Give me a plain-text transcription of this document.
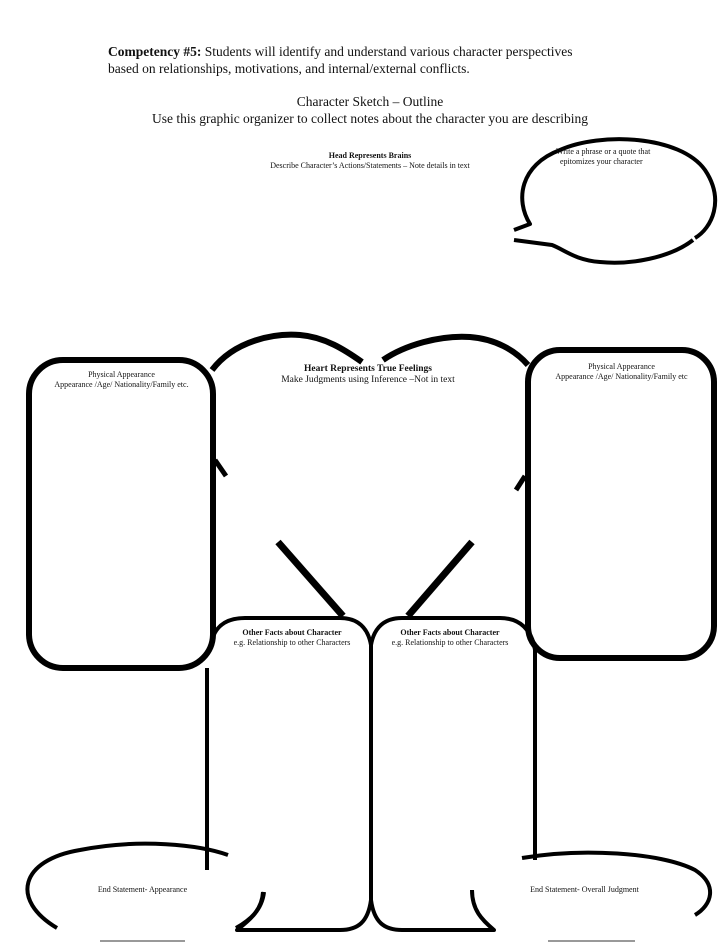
Competency #5: Students will identify and understand various character perspectives
based on relationships, motivations, and internal/external conflicts.
Character Sketch – Outline
Use this graphic organizer to collect notes about the character you are describing
Head Represents Brains
Describe Character’s Actions/Statements – Note details in text
Write a phrase or a quote that
epitomizes your character
Heart Represents True Feelings
Make Judgments using Inference –Not in text
Physical Appearance
Appearance /Age/ Nationality/Family etc.
Physical Appearance
Appearance /Age/ Nationality/Family etc
Other Facts about Character
e.g. Relationship to other Characters
Other Facts about Character
e.g. Relationship to other Characters
End Statement- Appearance	End Statement- Overall Judgment
